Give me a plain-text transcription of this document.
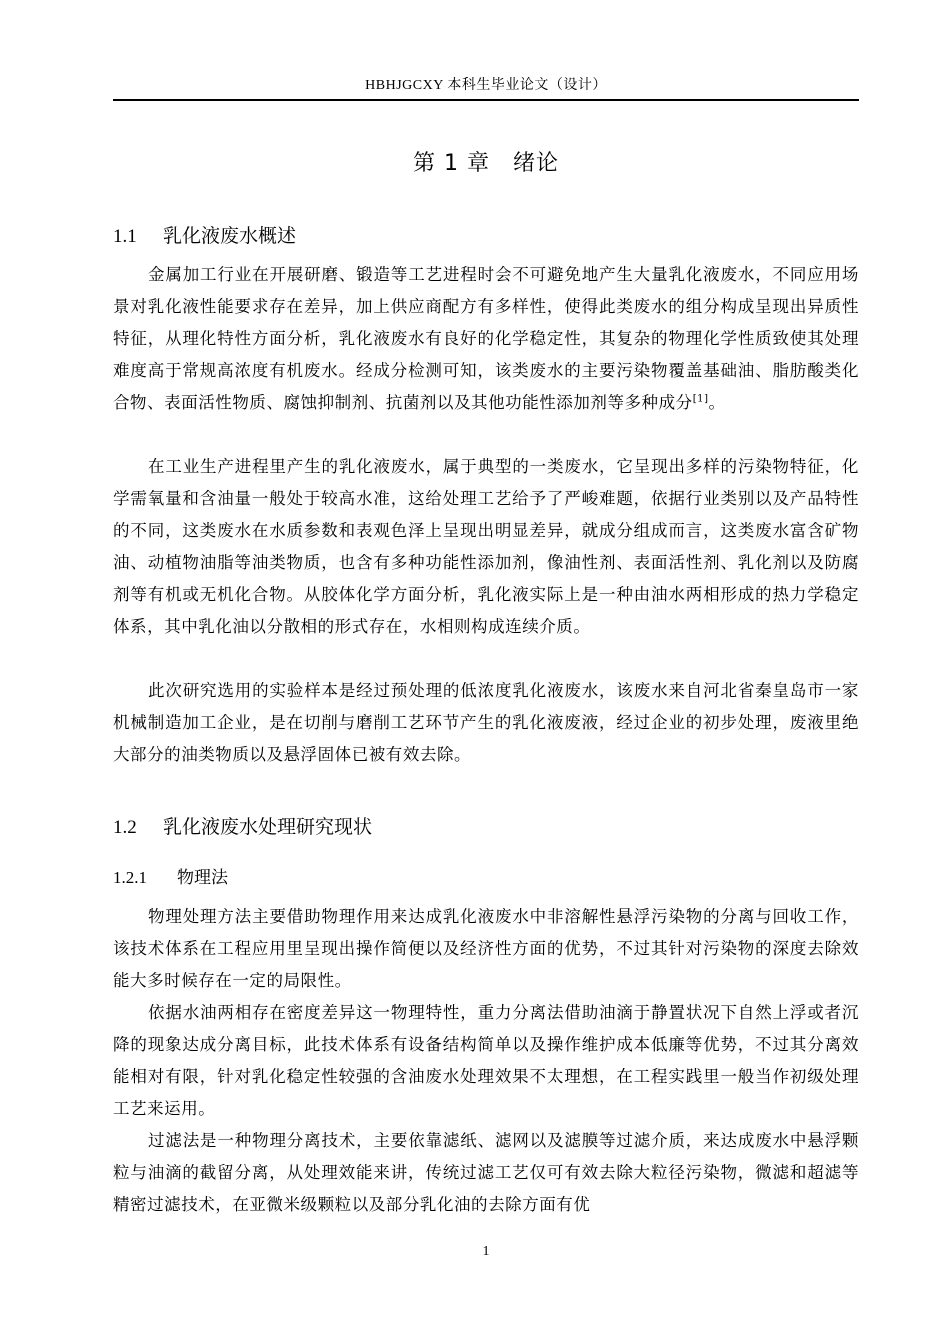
HBHJGCXY 本科生毕业论文（设计）
第 1 章　绪论
1.1 乳化液废水概述

金属加工行业在开展研磨、锻造等工艺进程时会不可避免地产生大量乳化液废水，不同应用场景对乳化液性能要求存在差异，加上供应商配方有多样性，使得此类废水的组分构成呈现出异质性特征，从理化特性方面分析，乳化液废水有良好的化学稳定性，其复杂的物理化学性质致使其处理难度高于常规高浓度有机废水。经成分检测可知，该类废水的主要污染物覆盖基础油、脂肪酸类化合物、表面活性物质、腐蚀抑制剂、抗菌剂以及其他功能性添加剂等多种成分[1]。

在工业生产进程里产生的乳化液废水，属于典型的一类废水，它呈现出多样的污染物特征，化学需氧量和含油量一般处于较高水准，这给处理工艺给予了严峻难题，依据行业类别以及产品特性的不同，这类废水在水质参数和表观色泽上呈现出明显差异，就成分组成而言，这类废水富含矿物油、动植物油脂等油类物质，也含有多种功能性添加剂，像油性剂、表面活性剂、乳化剂以及防腐剂等有机或无机化合物。从胶体化学方面分析，乳化液实际上是一种由油水两相形成的热力学稳定体系，其中乳化油以分散相的形式存在，水相则构成连续介质。

此次研究选用的实验样本是经过预处理的低浓度乳化液废水，该废水来自河北省秦皇岛市一家机械制造加工企业，是在切削与磨削工艺环节产生的乳化液废液，经过企业的初步处理，废液里绝大部分的油类物质以及悬浮固体已被有效去除。

1.2 乳化液废水处理研究现状
1.2.1 物理法

物理处理方法主要借助物理作用来达成乳化液废水中非溶解性悬浮污染物的分离与回收工作，该技术体系在工程应用里呈现出操作简便以及经济性方面的优势，不过其针对污染物的深度去除效能大多时候存在一定的局限性。

依据水油两相存在密度差异这一物理特性，重力分离法借助油滴于静置状况下自然上浮或者沉降的现象达成分离目标，此技术体系有设备结构简单以及操作维护成本低廉等优势，不过其分离效能相对有限，针对乳化稳定性较强的含油废水处理效果不太理想，在工程实践里一般当作初级处理工艺来运用。

过滤法是一种物理分离技术，主要依靠滤纸、滤网以及滤膜等过滤介质，来达成废水中悬浮颗粒与油滴的截留分离，从处理效能来讲，传统过滤工艺仅可有效去除大粒径污染物，微滤和超滤等精密过滤技术，在亚微米级颗粒以及部分乳化油的去除方面有优

1
